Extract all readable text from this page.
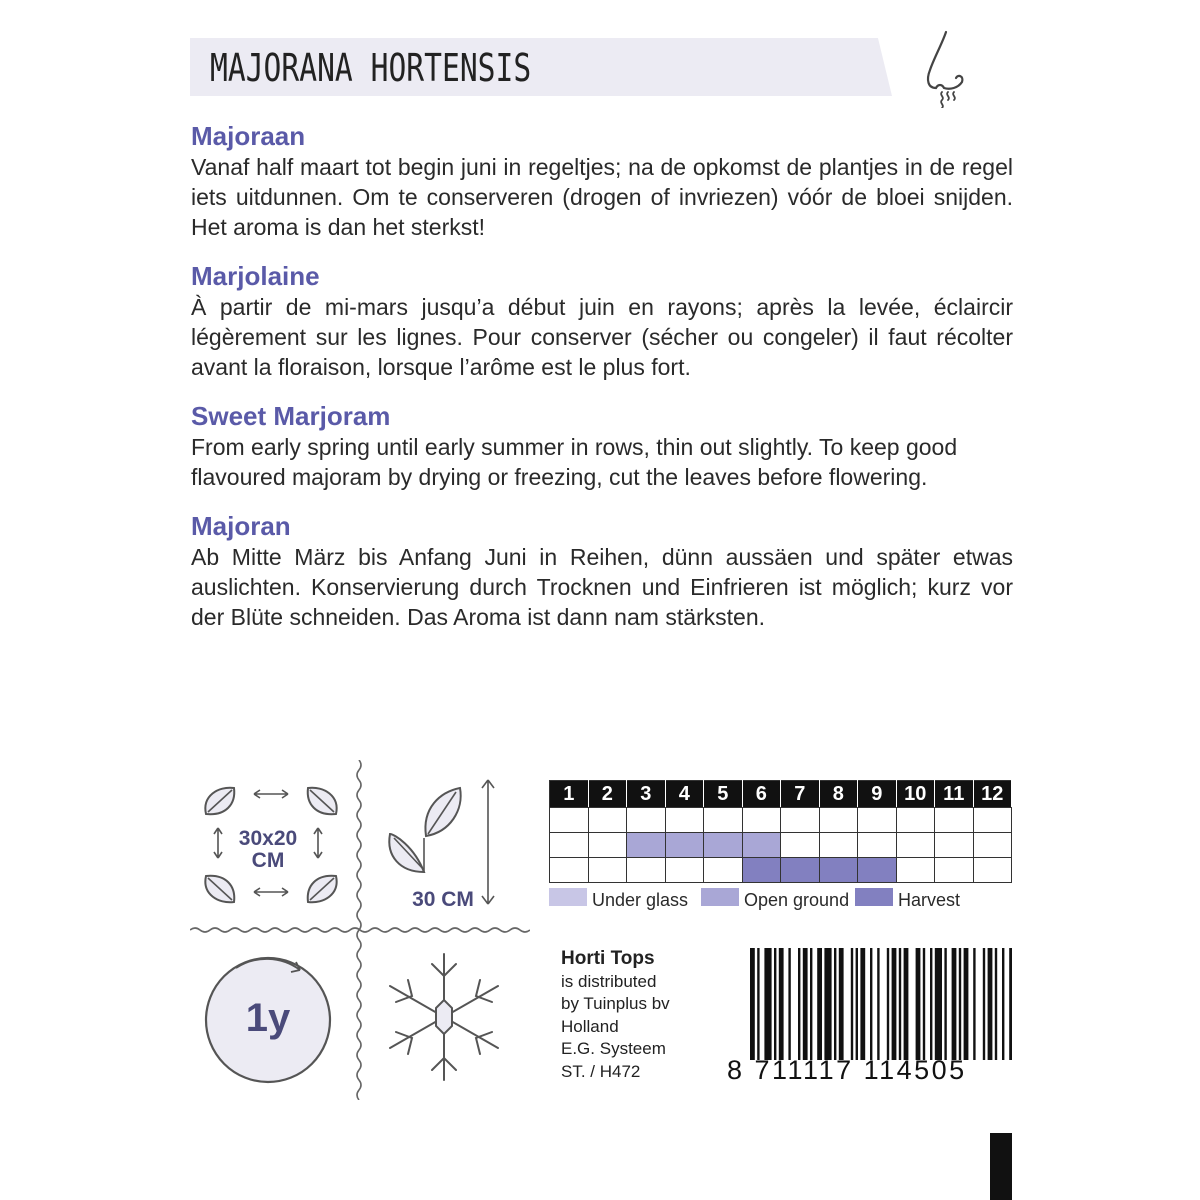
MAJORANA HORTENSIS
Majoraan

Vanaf half maart tot begin juni in regeltjes; na de opkomst de plantjes in de regel iets uitdunnen. Om te conserveren (drogen of invriezen) vóór de bloei snijden. Het aroma is dan het sterkst!

Marjolaine

À partir de mi-mars jusqu’a début juin en rayons; après la levée, éclaircir légèrement sur les lignes. Pour conserver (sécher ou congeler) il faut récolter avant la floraison, lorsque l’arôme est le plus fort.

Sweet Marjoram

From early spring until early summer in rows, thin out slightly. To keep good flavoured majoram by drying or freezing, cut the leaves before flowering.

Majoran

Ab Mitte März bis Anfang Juni in Reihen, dünn aussäen und später etwas auslichten. Konservierung durch Trocknen und Einfrieren ist möglich; kurz vor der Blüte schneiden. Das Aroma ist dann nam stärksten.

30x20
CM
30 CM
1y
1	2	3	4	5	6	7	8	9	10	11	12

Under glass	Open ground	Harvest
Horti Tops
is distributed
by Tuinplus bv
Holland
E.G. Systeem
ST. / H472	8 711117 114505
